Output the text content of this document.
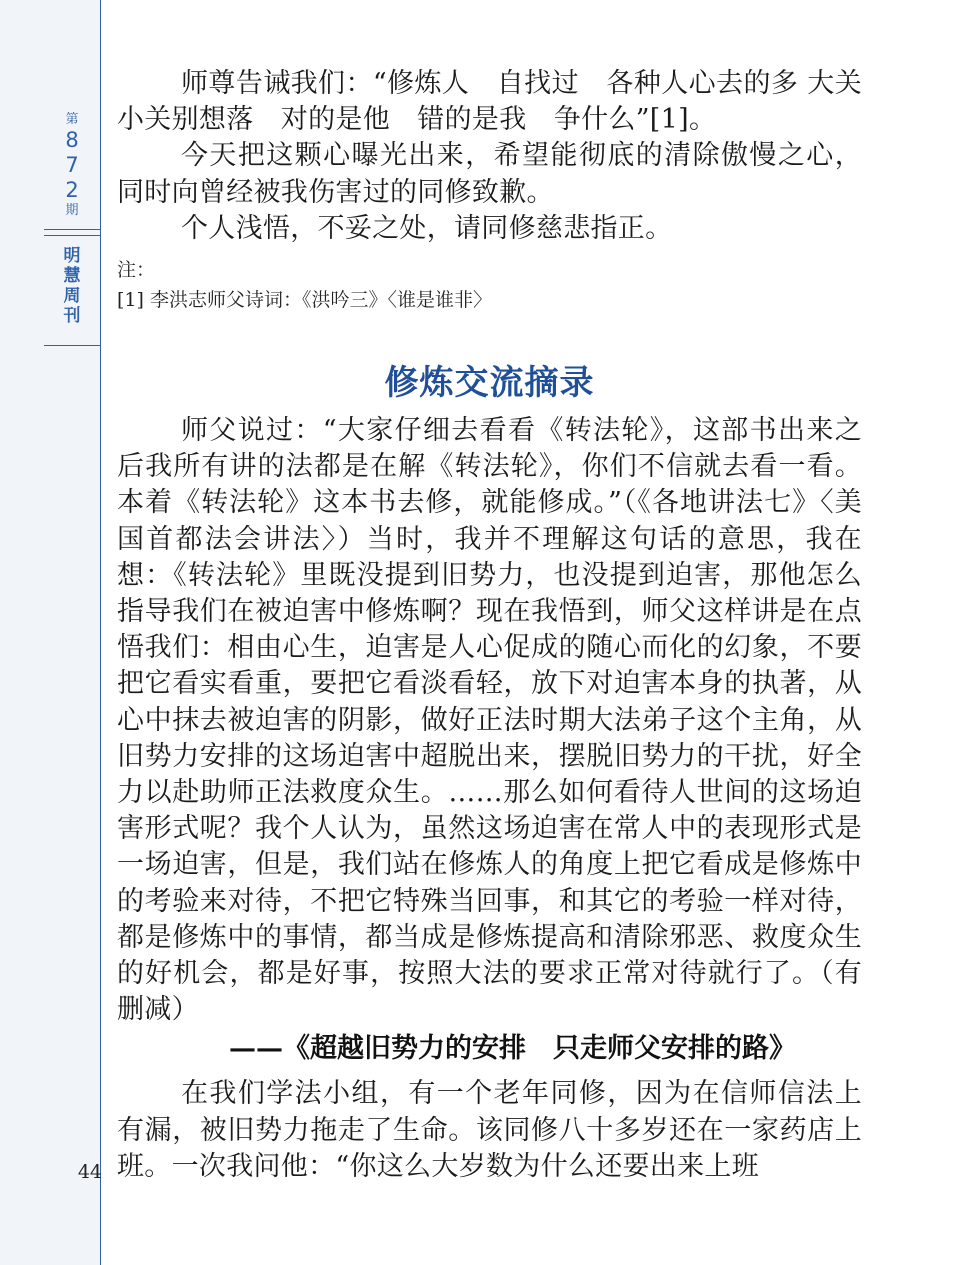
第
8
7
2
期
明
慧
周
刊
44

师尊告诫我们：“修炼人　自找过　各种人心去的多 大关小关别想落　对的是他　错的是我　争什么”[1]。

今天把这颗心曝光出来，希望能彻底的清除傲慢之心，同时向曾经被我伤害过的同修致歉。

个人浅悟，不妥之处，请同修慈悲指正。

注：

[1] 李洪志师父诗词：《洪吟三》〈谁是谁非〉

修炼交流摘录

师父说过：“大家仔细去看看《转法轮》，这部书出来之后我所有讲的法都是在解《转法轮》，你们不信就去看一看。本着《转法轮》这本书去修，就能修成。”（《各地讲法七》〈美国首都法会讲法〉）当时，我并不理解这句话的意思，我在想：《转法轮》里既没提到旧势力，也没提到迫害，那他怎么指导我们在被迫害中修炼啊？现在我悟到，师父这样讲是在点悟我们：相由心生，迫害是人心促成的随心而化的幻象，不要把它看实看重，要把它看淡看轻，放下对迫害本身的执著，从心中抹去被迫害的阴影，做好正法时期大法弟子这个主角，从旧势力安排的这场迫害中超脱出来，摆脱旧势力的干扰，好全力以赴助师正法救度众生。……那么如何看待人世间的这场迫害形式呢？我个人认为，虽然这场迫害在常人中的表现形式是一场迫害，但是，我们站在修炼人的角度上把它看成是修炼中的考验来对待，不把它特殊当回事，和其它的考验一样对待，都是修炼中的事情，都当成是修炼提高和清除邪恶、救度众生的好机会，都是好事，按照大法的要求正常对待就行了。（有删减）

——《超越旧势力的安排　只走师父安排的路》

在我们学法小组，有一个老年同修，因为在信师信法上有漏，被旧势力拖走了生命。该同修八十多岁还在一家药店上班。一次我问他：“你这么大岁数为什么还要出来上班
